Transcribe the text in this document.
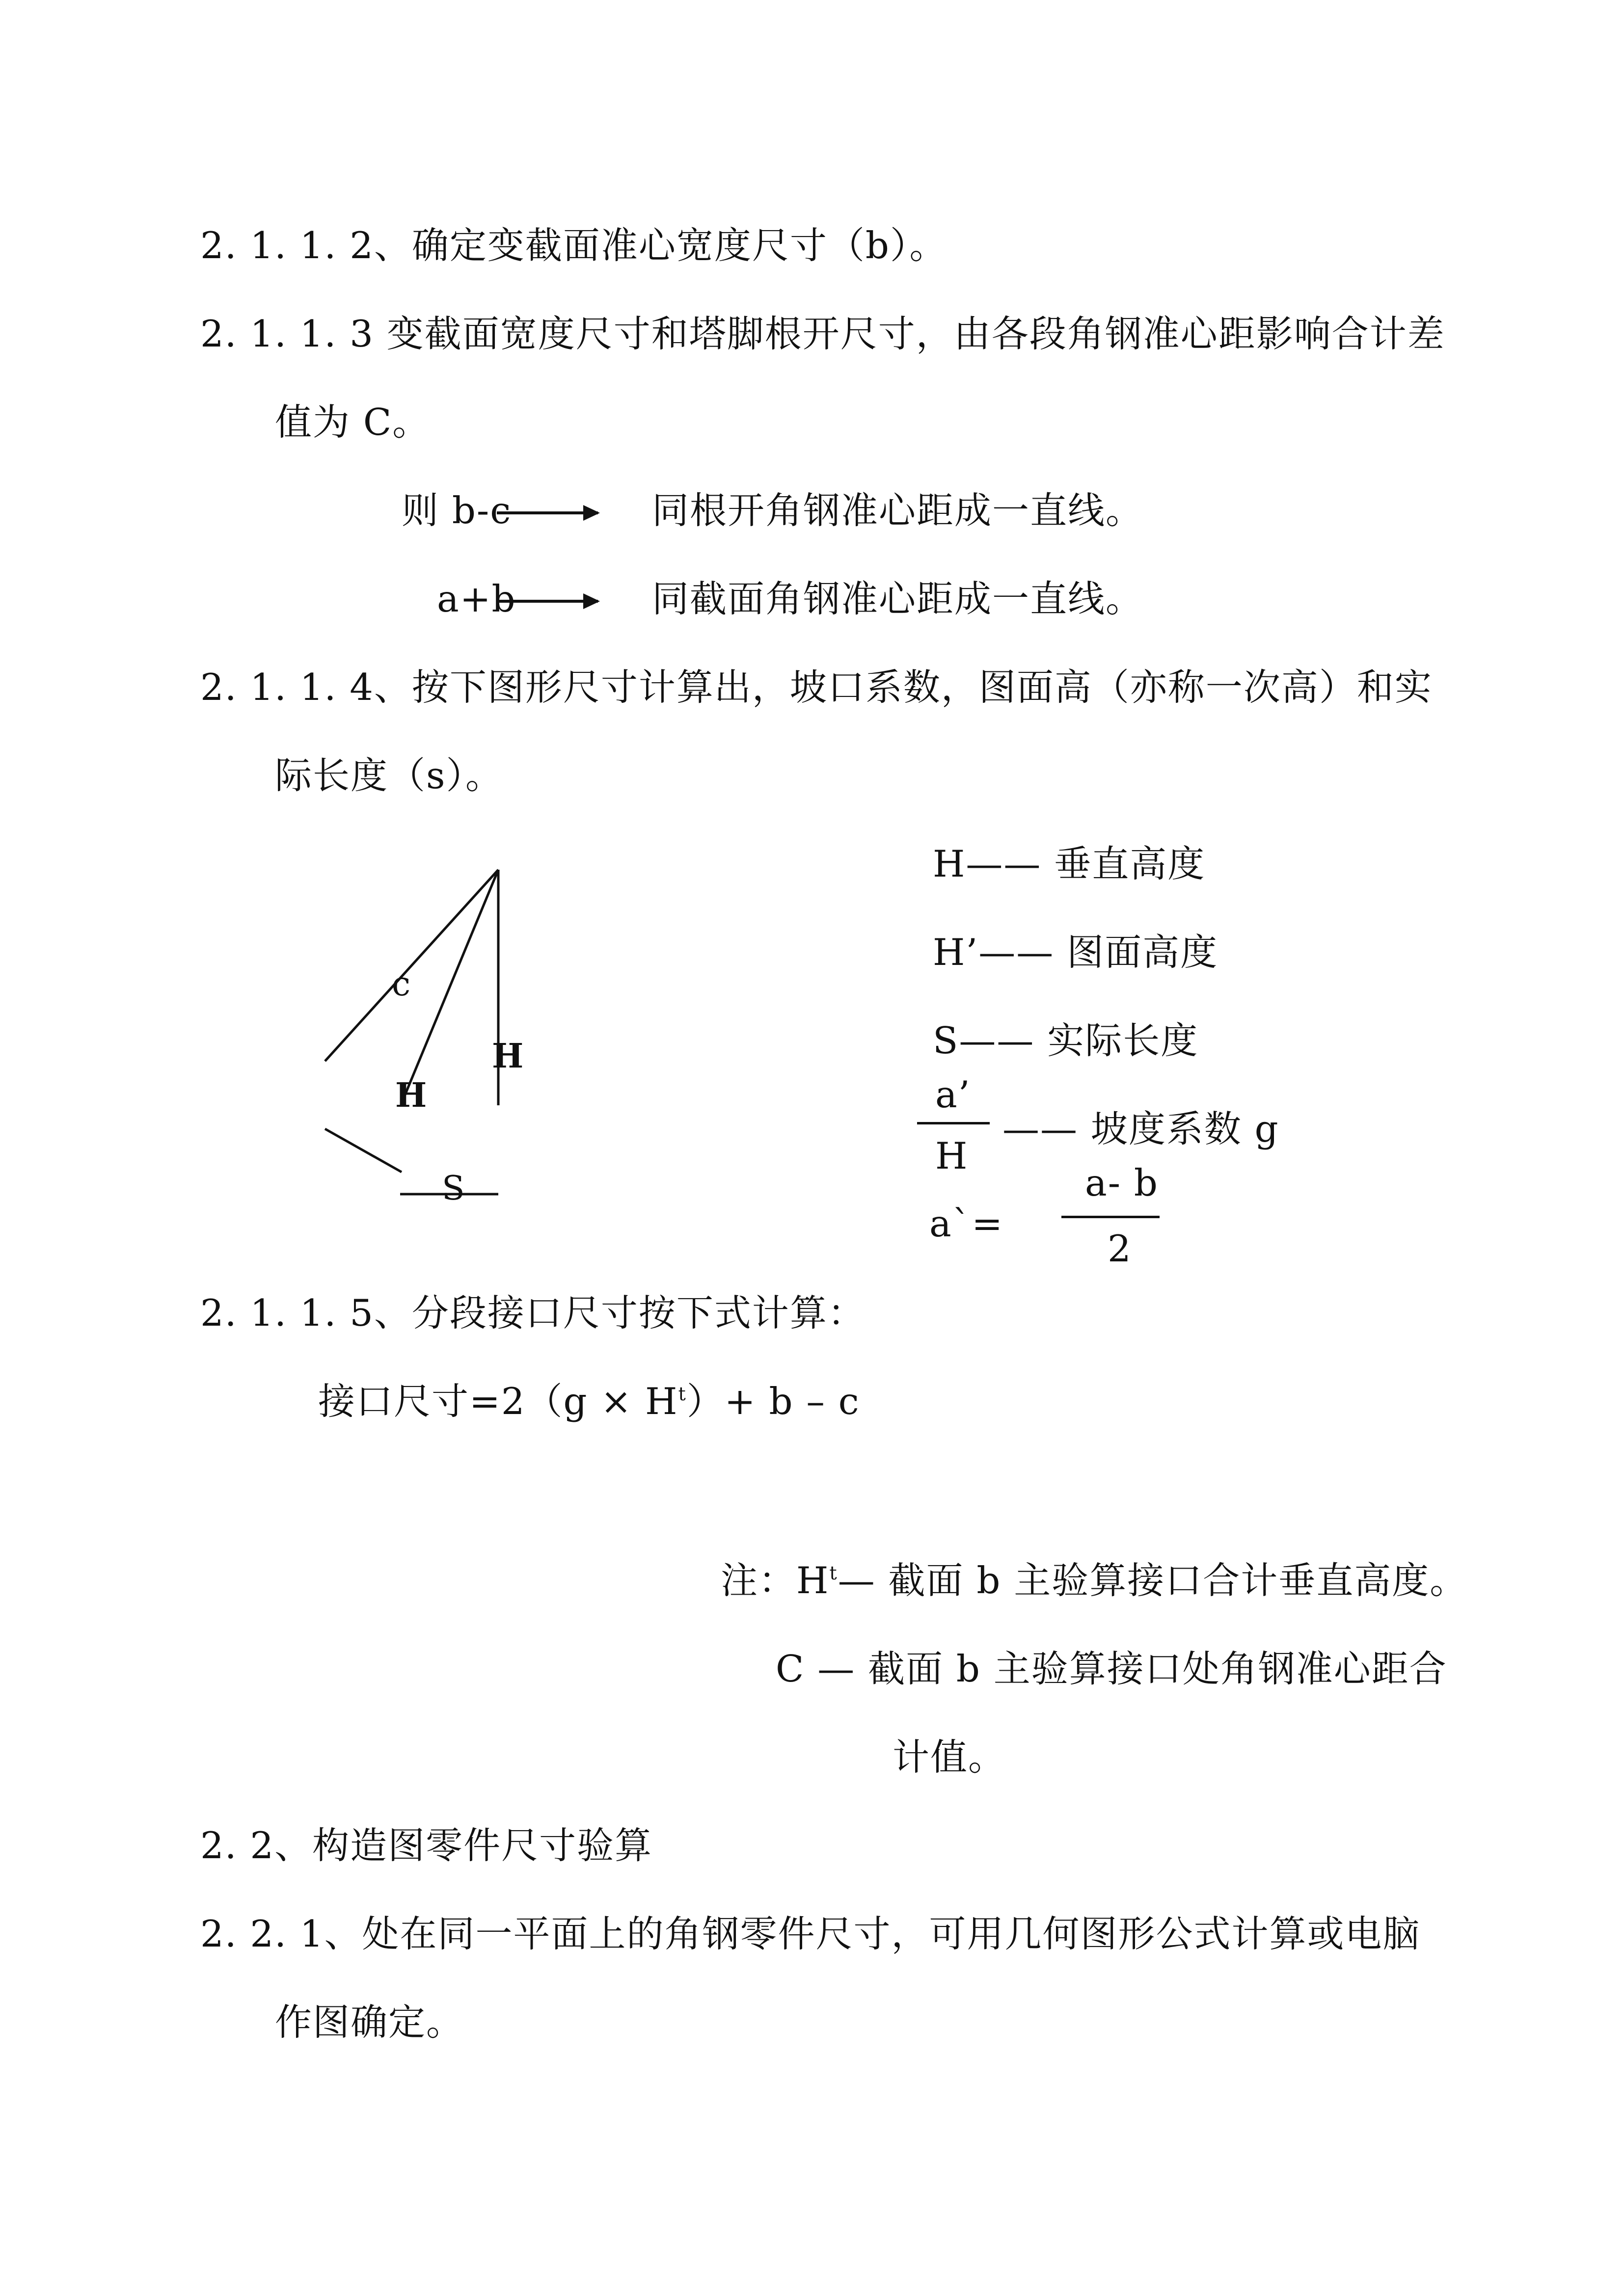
2. 1. 1. 2、确定变截面准心宽度尺寸（b）。
2. 1. 1. 3 变截面宽度尺寸和塔脚根开尺寸，由各段角钢准心距影响合计差
值为 C。
则 b-c	同根开角钢准心距成一直线。
a+b	同截面角钢准心距成一直线。
2. 1. 1. 4、按下图形尺寸计算出，坡口系数，图面高（亦称一次高）和实
际长度（s）。
c
H
H
S
H—— 垂直高度
H’—— 图面高度
S—— 实际长度
a’
H
—— 坡度系数 g
a`=
a- b
2
2. 1. 1. 5、分段接口尺寸按下式计算：
接口尺寸$=2(g \times H^t)+ b - c$
注：$H^t—$ 截面 b 主验算接口合计垂直高度。
C — 截面 b 主验算接口处角钢准心距合
计值。
2. 2、构造图零件尺寸验算
2. 2. 1、处在同一平面上的角钢零件尺寸，可用几何图形公式计算或电脑
作图确定。
